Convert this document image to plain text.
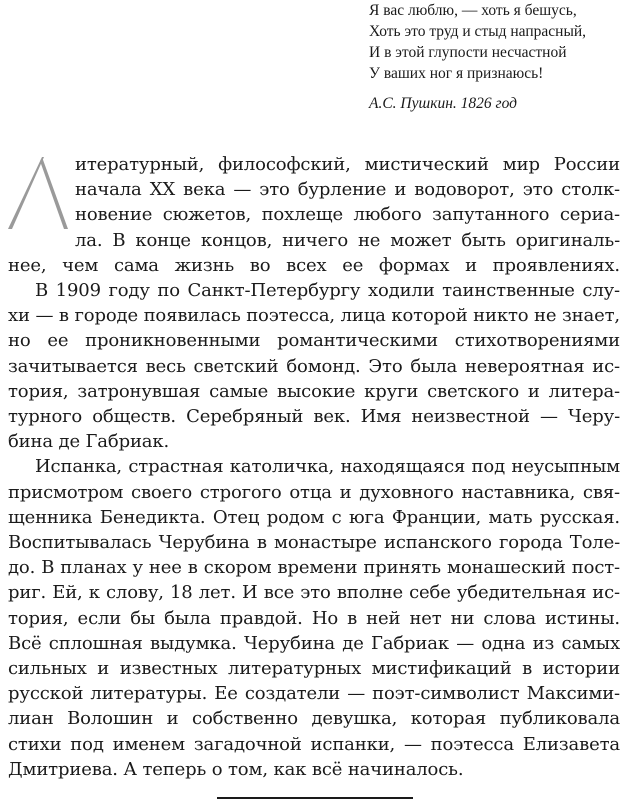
Я вас люблю, — хоть я бешусь,
Хоть это труд и стыд напрасный,
И в этой глупости несчастной
У ваших ног я признаюсь!
А.С. Пушкин. 1826 год
итературный, философский, мистический мир России
начала XX века — это бурление и водоворот, это столк-
новение сюжетов, похлеще любого запутанного сериа-
ла. В конце концов, ничего не может быть оригиналь-
нее, чем сама жизнь во всех ее формах и проявлениях.
В 1909 году по Санкт-Петербургу ходили таинственные слу-
хи — в городе появилась поэтесса, лица которой никто не знает,
но ее проникновенными романтическими стихотворениями
зачитывается весь светский бомонд. Это была невероятная ис-
тория, затронувшая самые высокие круги светского и литера-
турного обществ. Серебряный век. Имя неизвестной — Черу-
бина де Габриак.
Испанка, страстная католичка, находящаяся под неусыпным
присмотром своего строгого отца и духовного наставника, свя-
щенника Бенедикта. Отец родом с юга Франции, мать русская.
Воспитывалась Черубина в монастыре испанского города Толе-
до. В планах у нее в скором времени принять монашеский пост-
риг. Ей, к слову, 18 лет. И все это вполне себе убедительная ис-
тория, если бы была правдой. Но в ней нет ни слова истины.
Всё сплошная выдумка. Черубина де Габриак — одна из самых
сильных и известных литературных мистификаций в истории
русской литературы. Ее создатели — поэт-символист Максими-
лиан Волошин и собственно девушка, которая публиковала
стихи под именем загадочной испанки, — поэтесса Елизавета
Дмитриева. А теперь о том, как всё начиналось.
